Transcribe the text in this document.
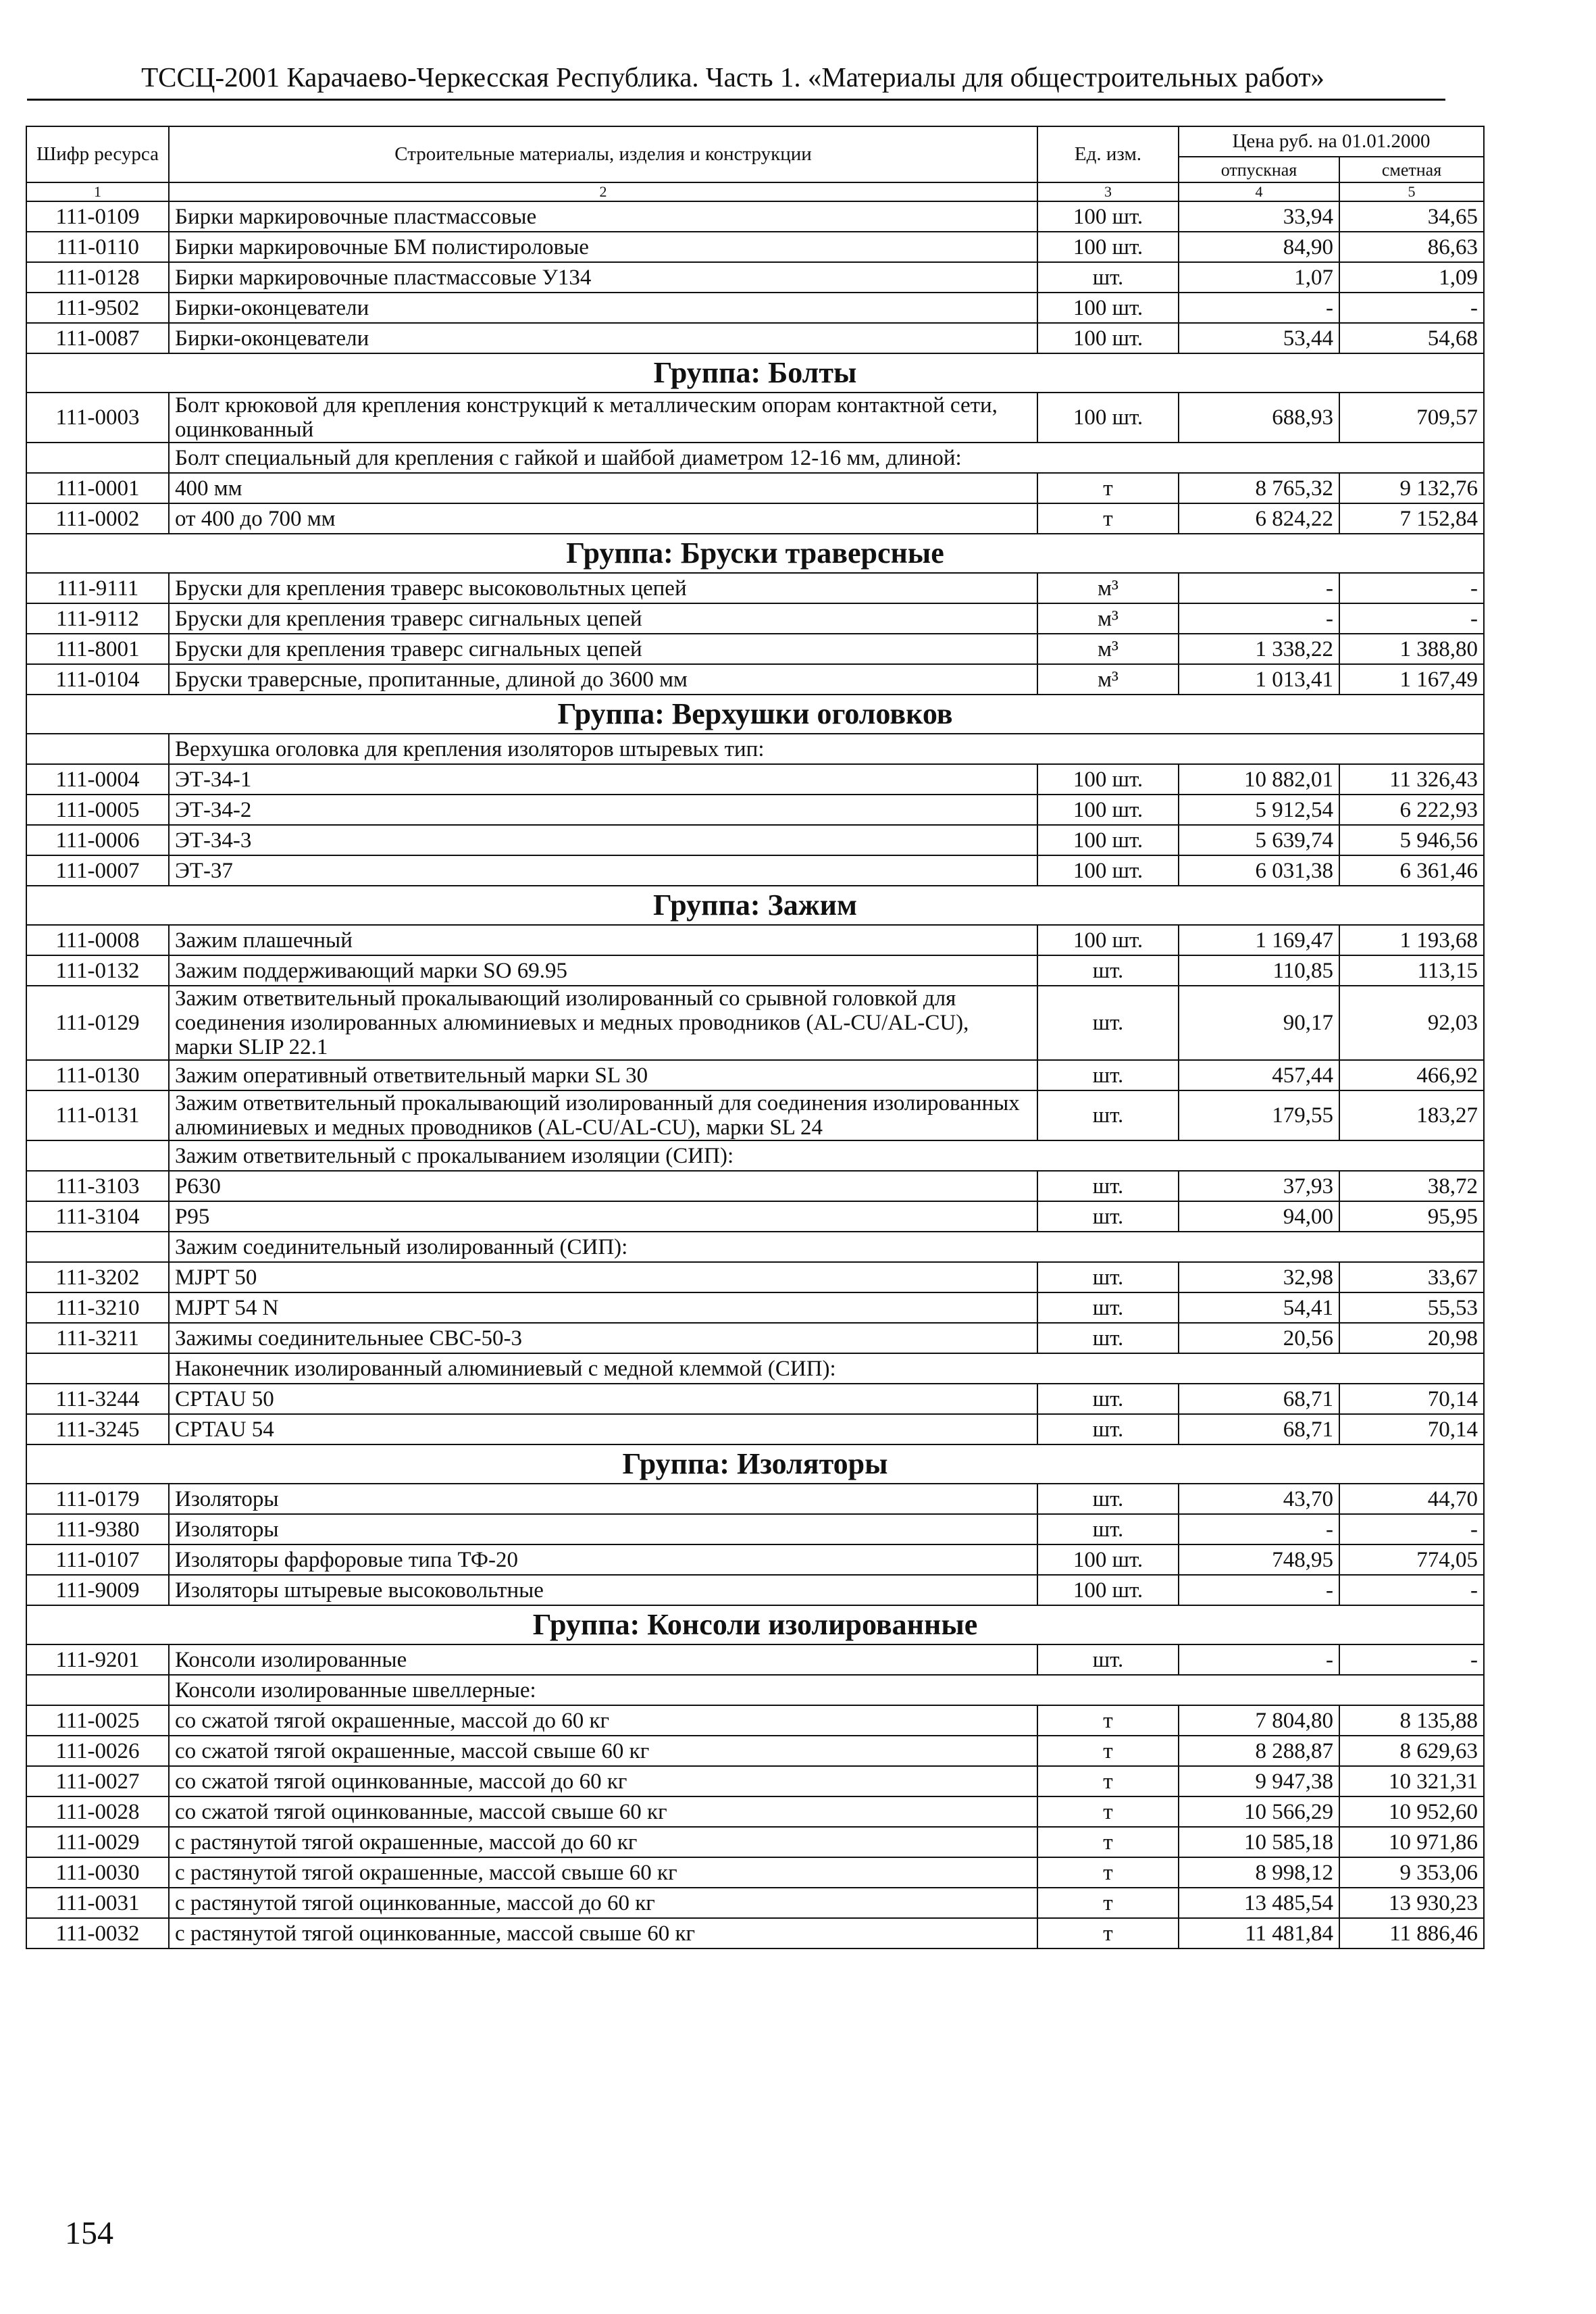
ТССЦ-2001 Карачаево-Черкесская Республика. Часть 1. «Материалы для общестроительных работ»
Шифр ресурса	Строительные материалы, изделия и конструкции	Ед. изм.	Цена руб. на 01.01.2000	
			отпускная	сметная
1	2	3	4	5
111-0109	Бирки маркировочные пластмассовые	100 шт.	33,94	34,65
111-0110	Бирки маркировочные БМ полистироловые	100 шт.	84,90	86,63
111-0128	Бирки маркировочные пластмассовые У134	шт.	1,07	1,09
111-9502	Бирки-оконцеватели	100 шт.	-	-
111-0087	Бирки-оконцеватели	100 шт.	53,44	54,68
Группа: Болты				
111-0003	Болт крюковой для крепления конструкций к металлическим опорам контактной сети, оцинкованный	100 шт.	688,93	709,57
	Болт специальный для крепления с гайкой и шайбой диаметром 12-16 мм, длиной:			
111-0001	400 мм	т	8 765,32	9 132,76
111-0002	от 400 до 700 мм	т	6 824,22	7 152,84
Группа: Бруски траверсные				
111-9111	Бруски для крепления траверс высоковольтных цепей	м³	-	-
111-9112	Бруски для крепления траверс сигнальных цепей	м³	-	-
111-8001	Бруски для крепления траверс сигнальных цепей	м³	1 338,22	1 388,80
111-0104	Бруски траверсные, пропитанные, длиной до 3600 мм	м³	1 013,41	1 167,49
Группа: Верхушки оголовков				
	Верхушка оголовка для крепления изоляторов штыревых тип:			
111-0004	ЭТ-34-1	100 шт.	10 882,01	11 326,43
111-0005	ЭТ-34-2	100 шт.	5 912,54	6 222,93
111-0006	ЭТ-34-3	100 шт.	5 639,74	5 946,56
111-0007	ЭТ-37	100 шт.	6 031,38	6 361,46
Группа: Зажим				
111-0008	Зажим плашечный	100 шт.	1 169,47	1 193,68
111-0132	Зажим поддерживающий марки SO 69.95	шт.	110,85	113,15
111-0129	Зажим ответвительный прокалывающий изолированный со срывной головкой для соединения изолированных алюминиевых и медных проводников (AL-CU/AL-CU), марки SLIP 22.1	шт.	90,17	92,03
111-0130	Зажим оперативный ответвительный марки SL 30	шт.	457,44	466,92
111-0131	Зажим ответвительный прокалывающий изолированный для соединения изолированных алюминиевых и медных проводников (AL-CU/AL-CU), марки SL 24	шт.	179,55	183,27
	Зажим ответвительный с прокалыванием изоляции (СИП):			
111-3103	P630	шт.	37,93	38,72
111-3104	P95	шт.	94,00	95,95
	Зажим соединительный изолированный (СИП):			
111-3202	MJPT 50	шт.	32,98	33,67
111-3210	MJPT 54 N	шт.	54,41	55,53
111-3211	Зажимы соединительныее СВС-50-3	шт.	20,56	20,98
	Наконечник изолированный алюминиевый с медной клеммой (СИП):			
111-3244	CPTAU 50	шт.	68,71	70,14
111-3245	CPTAU 54	шт.	68,71	70,14
Группа: Изоляторы				
111-0179	Изоляторы	шт.	43,70	44,70
111-9380	Изоляторы	шт.	-	-
111-0107	Изоляторы фарфоровые типа ТФ-20	100 шт.	748,95	774,05
111-9009	Изоляторы штыревые высоковольтные	100 шт.	-	-
Группа: Консоли изолированные				
111-9201	Консоли изолированные	шт.	-	-
	Консоли изолированные швеллерные:			
111-0025	со сжатой тягой окрашенные, массой до 60 кг	т	7 804,80	8 135,88
111-0026	со сжатой тягой окрашенные, массой свыше 60 кг	т	8 288,87	8 629,63
111-0027	со сжатой тягой оцинкованные, массой до 60 кг	т	9 947,38	10 321,31
111-0028	со сжатой тягой оцинкованные, массой свыше 60 кг	т	10 566,29	10 952,60
111-0029	с растянутой тягой окрашенные, массой до 60 кг	т	10 585,18	10 971,86
111-0030	с растянутой тягой окрашенные, массой свыше 60 кг	т	8 998,12	9 353,06
111-0031	с растянутой тягой оцинкованные, массой до 60 кг	т	13 485,54	13 930,23
111-0032	с растянутой тягой оцинкованные, массой свыше 60 кг	т	11 481,84	11 886,46
154
